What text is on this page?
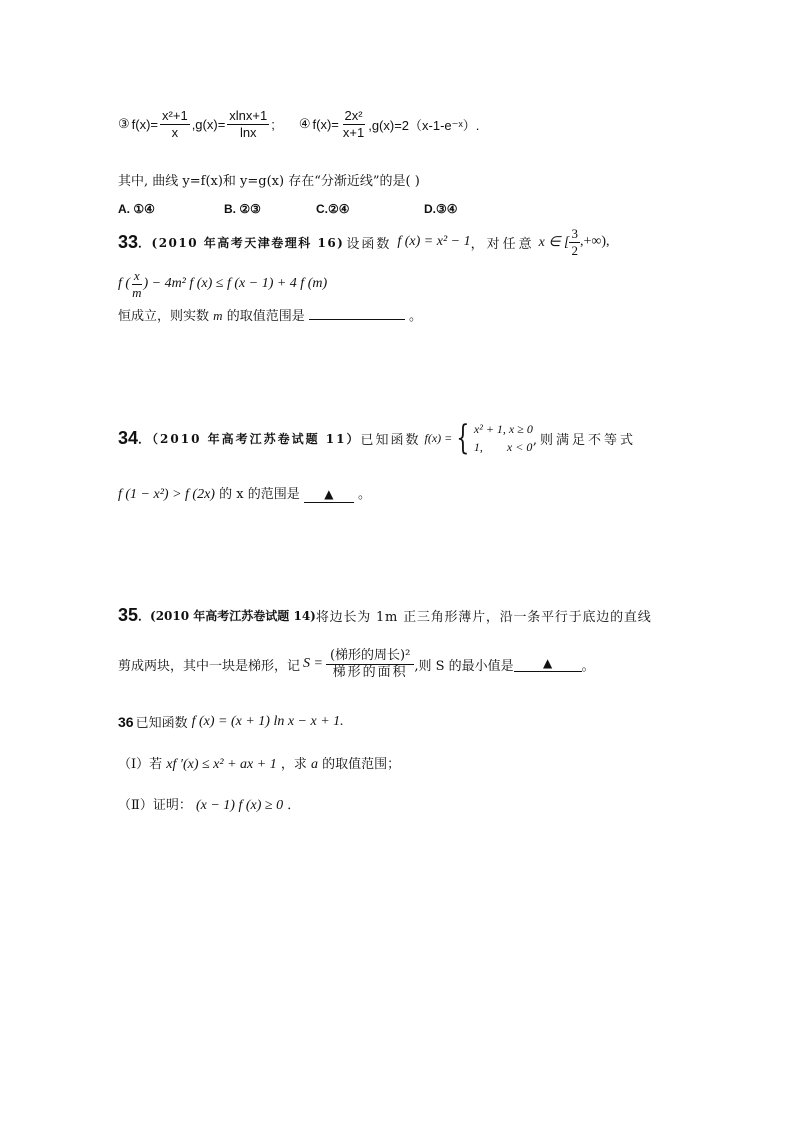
③ $f(x)= \frac{\text{x²+1}}{x} ,g(x)= \frac{xlnx+1}{\ln x}$ ; ④ $f(x)= \frac{\text{2x²}}{x+1}$ ,g(x)=2（x-1-e⁻ˣ）.
其中, 曲线 y=f(x)和 y=g(x) 存在“分渐近线”的是( )
A. ①④	B. ②③	C.②④	D.③④
33 ．(2010 年高考天津卷理科 16) 设函数 f (x) = x² − 1 ，对任意 x ∈ [ $\frac{3}{2}$ ,+∞),
f ( $\frac{x}{m}$ ) − 4m² f (x) ≤ f (x − 1) + 4 f (m)
恒成立，则实数 m 的取值范围是	。
34 ．（2010 年高考江苏卷试题 11） 已知函数 f(x) = { x² + 1, x ≥ 0
1,        x < 0 ,则满足不等式
f (1 − x²) > f (2x) 的 x 的范围是 ▲ 。
35 ．(2010 年高考江苏卷试题 14) 将边长为 1m 正三角形薄片，沿一条平行于底边的直线
剪成两块，其中一块是梯形，记 $S = \frac{\text{(梯形的周长)²}}{\text{梯形的面积}}$ ,则 S 的最小值是	▲	。
36 已知函数 f (x) = (x + 1) ln x − x + 1.
（Ⅰ）若 xf ′(x) ≤ x² + ax + 1 ，求 a 的取值范围；
（Ⅱ）证明： (x − 1) f (x) ≥ 0 ．
